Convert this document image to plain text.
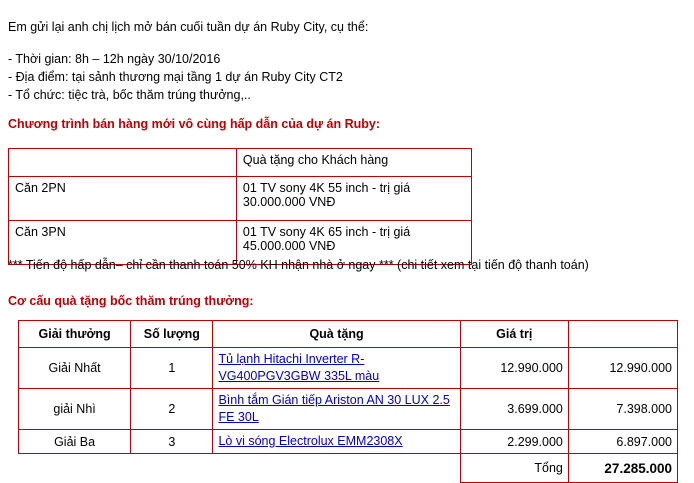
Em gửi lại anh chị lịch mở bán cuối tuần dự án Ruby City, cụ thể:
- Thời gian: 8h – 12h ngày 30/10/2016
- Địa điểm: tại sảnh thương mại tầng 1 dự án Ruby City CT2
- Tổ chức: tiệc trà, bốc thăm trúng thưởng,..
Chương trình bán hàng mới vô cùng hấp dẫn của dự án Ruby:
	Quà tặng cho Khách hàng
Căn 2PN	01 TV sony 4K 55 inch - trị giá 30.000.000 VNĐ
Căn 3PN	01 TV sony 4K 65 inch - trị giá 45.000.000 VNĐ
*** Tiến độ hấp dẫn– chỉ cần thanh toán 50% KH nhận nhà ở ngay *** (chi tiết xem tại tiến độ thanh toán)
Cơ cấu quà tặng bốc thăm trúng thưởng:
Giải thưởng	Số lượng	Quà tặng	Giá trị	
Giải Nhất	1	Tủ lạnh Hitachi Inverter R-VG400PGV3GBW 335L màu	12.990.000	12.990.000
giải Nhì	2	Bình tắm Gián tiếp Ariston AN 30 LUX 2.5 FE 30L	3.699.000	7.398.000
Giải Ba	3	Lò vi sóng Electrolux EMM2308X	2.299.000	6.897.000
			Tổng	27.285.000
